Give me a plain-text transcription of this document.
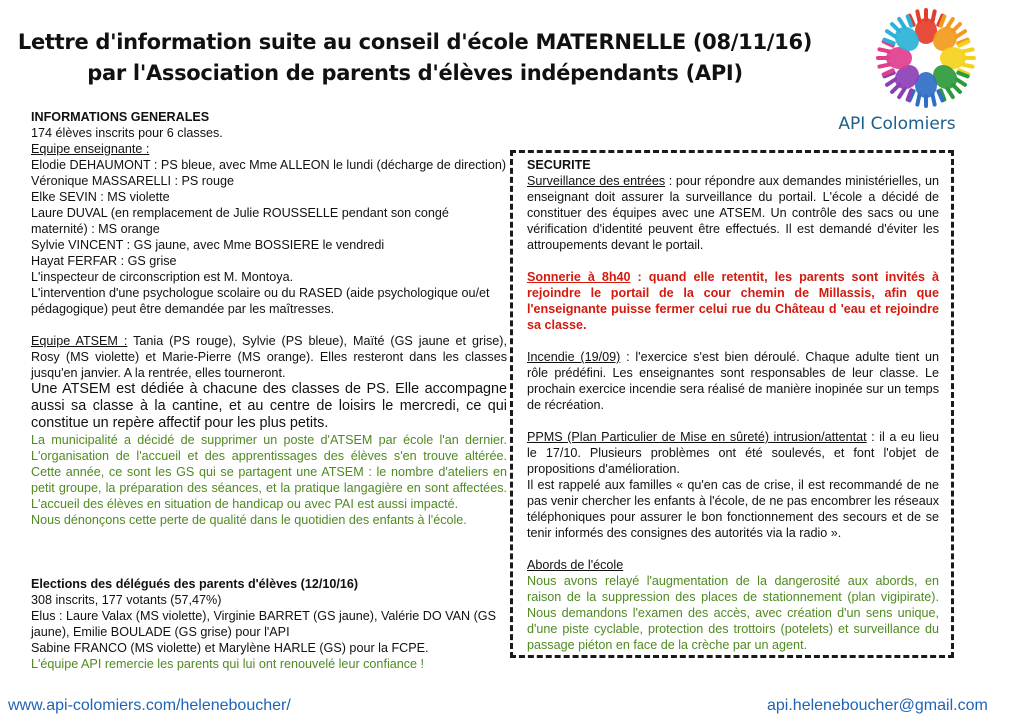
Lettre d'information suite au conseil d'école MATERNELLE (08/11/16)
par l'Association de parents d'élèves indépendants (API)
API Colomiers

INFORMATIONS GENERALES

174 élèves inscrits pour 6 classes.

Equipe enseignante :

Elodie DEHAUMONT : PS bleue, avec Mme ALLEON le lundi (décharge de direction)

Véronique MASSARELLI : PS rouge

Elke SEVIN : MS violette

Laure DUVAL (en remplacement de Julie ROUSSELLE pendant son congé maternité) : MS orange

Sylvie VINCENT : GS jaune, avec Mme BOSSIERE le vendredi

Hayat FERFAR : GS grise

L'inspecteur de circonscription est M. Montoya.

L'intervention d'une psychologue scolaire ou du RASED (aide psychologique ou/et pédagogique) peut être demandée par les maîtresses.

Equipe ATSEM : Tania (PS rouge), Sylvie (PS bleue), Maïté (GS jaune et grise), Rosy (MS violette) et Marie-Pierre (MS orange). Elles resteront dans les classes jusqu'en janvier. A la rentrée, elles tourneront.

Une ATSEM est dédiée à chacune des classes de PS. Elle accompagne aussi sa classe à la cantine, et au centre de loisirs le mercredi, ce qui constitue un repère affectif pour les plus petits.

La municipalité a décidé de supprimer un poste d'ATSEM par école l'an dernier. L'organisation de l'accueil et des apprentissages des élèves s'en trouve altérée. Cette année, ce sont les GS qui se partagent une ATSEM : le nombre d'ateliers en petit groupe, la préparation des séances, et la pratique langagière en sont affectées. L'accueil des élèves en situation de handicap ou avec PAI est aussi impacté.

Nous dénonçons cette perte de qualité dans le quotidien des enfants à l'école.

Elections des délégués des parents d'élèves (12/10/16)

308 inscrits, 177 votants (57,47%)

Elus : Laure Valax (MS violette), Virginie BARRET (GS jaune), Valérie DO VAN (GS jaune), Emilie BOULADE (GS grise) pour l'API

Sabine FRANCO (MS violette) et Marylène HARLE (GS) pour la FCPE.

L'équipe API remercie les parents qui lui ont renouvelé leur confiance !

SECURITE

Surveillance des entrées : pour répondre aux demandes ministérielles, un enseignant doit assurer la surveillance du portail. L'école a décidé de constituer des équipes avec une ATSEM. Un contrôle des sacs ou une vérification d'identité peuvent être effectués. Il est demandé d'éviter les attroupements devant le portail.

Sonnerie à 8h40 : quand elle retentit, les parents sont invités à rejoindre le portail de la cour chemin de Millassis, afin que l'enseignante puisse fermer celui rue du Château d 'eau et rejoindre sa classe.

Incendie (19/09) : l'exercice s'est bien déroulé. Chaque adulte tient un rôle prédéfini. Les enseignantes sont responsables de leur classe. Le prochain exercice incendie sera réalisé de manière inopinée sur un temps de récréation.

PPMS (Plan Particulier de Mise en sûreté) intrusion/attentat : il a eu lieu le 17/10. Plusieurs problèmes ont été soulevés, et font l'objet de propositions d'amélioration.

Il est rappelé aux familles « qu'en cas de crise, il est recommandé de ne pas venir chercher les enfants à l'école, de ne pas encombrer les réseaux téléphoniques pour assurer le bon fonctionnement des secours et de se tenir informés des consignes des autorités via la radio ».

Abords de l'école

Nous avons relayé l'augmentation de la dangerosité aux abords, en raison de la suppression des places de stationnement (plan vigipirate). Nous demandons l'examen des accès, avec création d'un sens unique, d'une piste cyclable, protection des trottoirs (potelets) et surveillance du passage piéton en face de la crèche par un agent.

www.api-colomiers.com/heleneboucher/	api.heleneboucher@gmail.com
